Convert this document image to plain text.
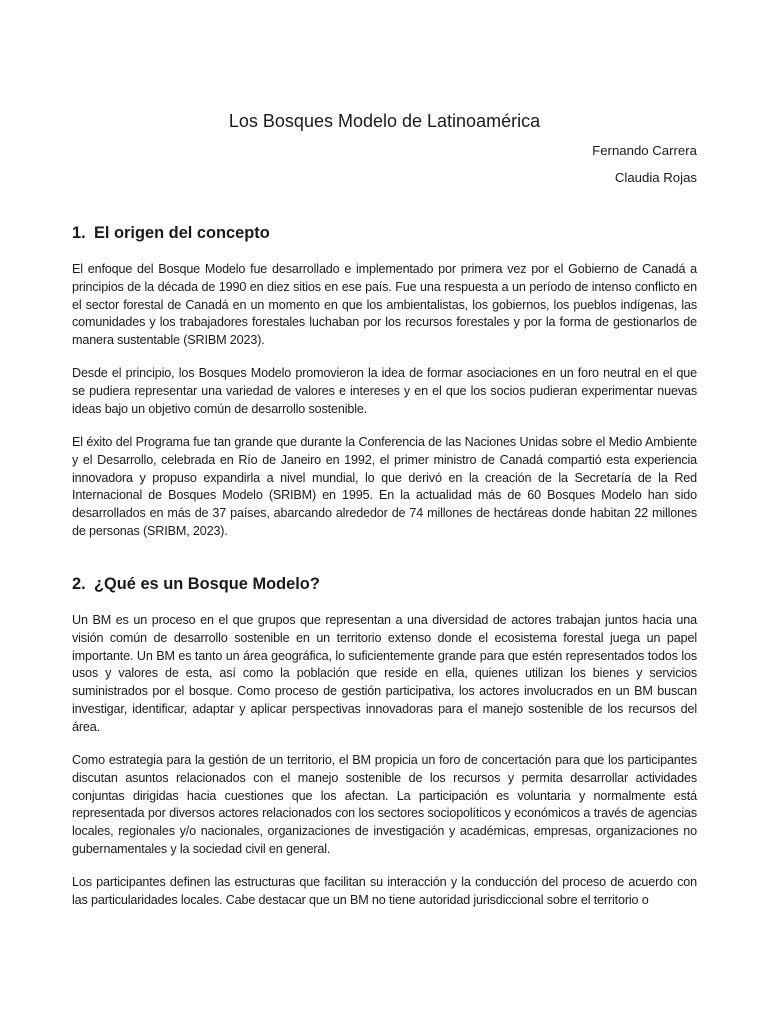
Los Bosques Modelo de Latinoamérica
Fernando Carrera
Claudia Rojas
1. El origen del concepto

El enfoque del Bosque Modelo fue desarrollado e implementado por primera vez por el Gobierno de Canadá a principios de la década de 1990 en diez sitios en ese país. Fue una respuesta a un período de intenso conflicto en el sector forestal de Canadá en un momento en que los ambientalistas, los gobiernos, los pueblos indígenas, las comunidades y los trabajadores forestales luchaban por los recursos forestales y por la forma de gestionarlos de manera sustentable (SRIBM 2023).

Desde el principio, los Bosques Modelo promovieron la idea de formar asociaciones en un foro neutral en el que se pudiera representar una variedad de valores e intereses y en el que los socios pudieran experimentar nuevas ideas bajo un objetivo común de desarrollo sostenible.

El éxito del Programa fue tan grande que durante la Conferencia de las Naciones Unidas sobre el Medio Ambiente y el Desarrollo, celebrada en Río de Janeiro en 1992, el primer ministro de Canadá compartió esta experiencia innovadora y propuso expandirla a nivel mundial, lo que derivó en la creación de la Secretaría de la Red Internacional de Bosques Modelo (SRIBM) en 1995. En la actualidad más de 60 Bosques Modelo han sido desarrollados en más de 37 países, abarcando alrededor de 74 millones de hectáreas donde habitan 22 millones de personas (SRIBM, 2023).

2. ¿Qué es un Bosque Modelo?

Un BM es un proceso en el que grupos que representan a una diversidad de actores trabajan juntos hacia una visión común de desarrollo sostenible en un territorio extenso donde el ecosistema forestal juega un papel importante. Un BM es tanto un área geográfica, lo suficientemente grande para que estén representados todos los usos y valores de esta, así como la población que reside en ella, quienes utilizan los bienes y servicios suministrados por el bosque. Como proceso de gestión participativa, los actores involucrados en un BM buscan investigar, identificar, adaptar y aplicar perspectivas innovadoras para el manejo sostenible de los recursos del área.

Como estrategia para la gestión de un territorio, el BM propicia un foro de concertación para que los participantes discutan asuntos relacionados con el manejo sostenible de los recursos y permita desarrollar actividades conjuntas dirigidas hacia cuestiones que los afectan. La participación es voluntaria y normalmente está representada por diversos actores relacionados con los sectores sociopolíticos y económicos a través de agencias locales, regionales y/o nacionales, organizaciones de investigación y académicas, empresas, organizaciones no gubernamentales y la sociedad civil en general.

Los participantes definen las estructuras que facilitan su interacción y la conducción del proceso de acuerdo con las particularidades locales. Cabe destacar que un BM no tiene autoridad jurisdiccional sobre el territorio o
